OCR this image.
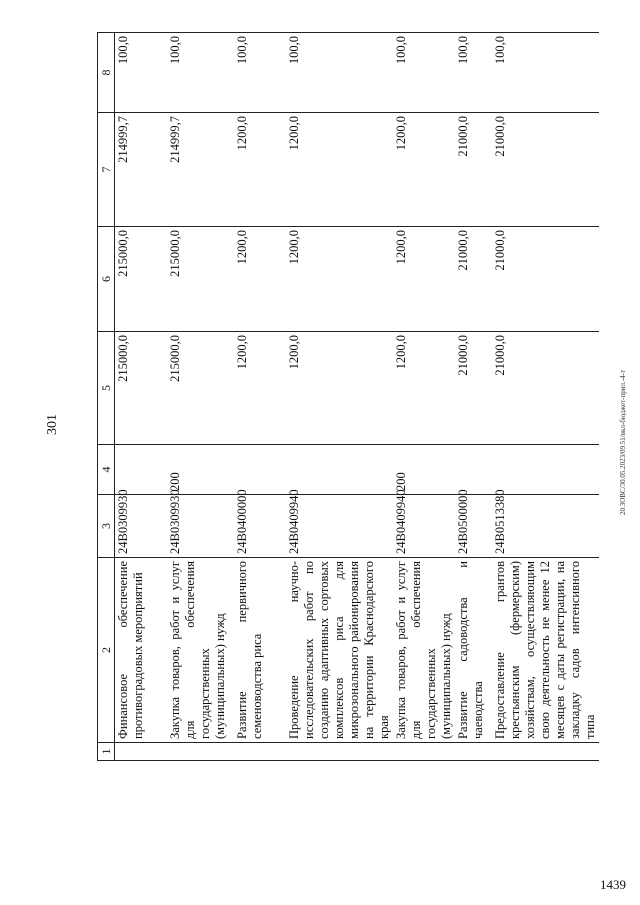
301	20.ЗОВС/30.05.2023/09.51/вкл-бюджет-прил.-4-т
1439
1	2	3	4	5	6	7	8
	Финансовое обеспечение противоградовых мероприятий	24В0309930		215000,0	215000,0	214999,7	100,0
	Закупка товаров, работ и услуг для обеспечения государственных (муниципальных) нужд	24В0309930	200	215000,0	215000,0	214999,7	100,0
	Развитие первичного семеноводства риса	24В0400000		1200,0	1200,0	1200,0	100,0
	Проведение научно-исследовательских работ по созданию адаптивных сортовых комплексов риса для микрозонального районирования на территории Краснодарского края	24В0409940		1200,0	1200,0	1200,0	100,0
	Закупка товаров, работ и услуг для обеспечения государственных (муниципальных) нужд	24В0409940	200	1200,0	1200,0	1200,0	100,0
	Развитие садоводства и чаеводства	24В0500000		21000,0	21000,0	21000,0	100,0
	Предоставление грантов крестьянским (фермерским) хозяйствам, осуществляющим свою деятельность не менее 12 месяцев с даты регистрации, на закладку садов интенсивного типа	24В0513380		21000,0	21000,0	21000,0	100,0
